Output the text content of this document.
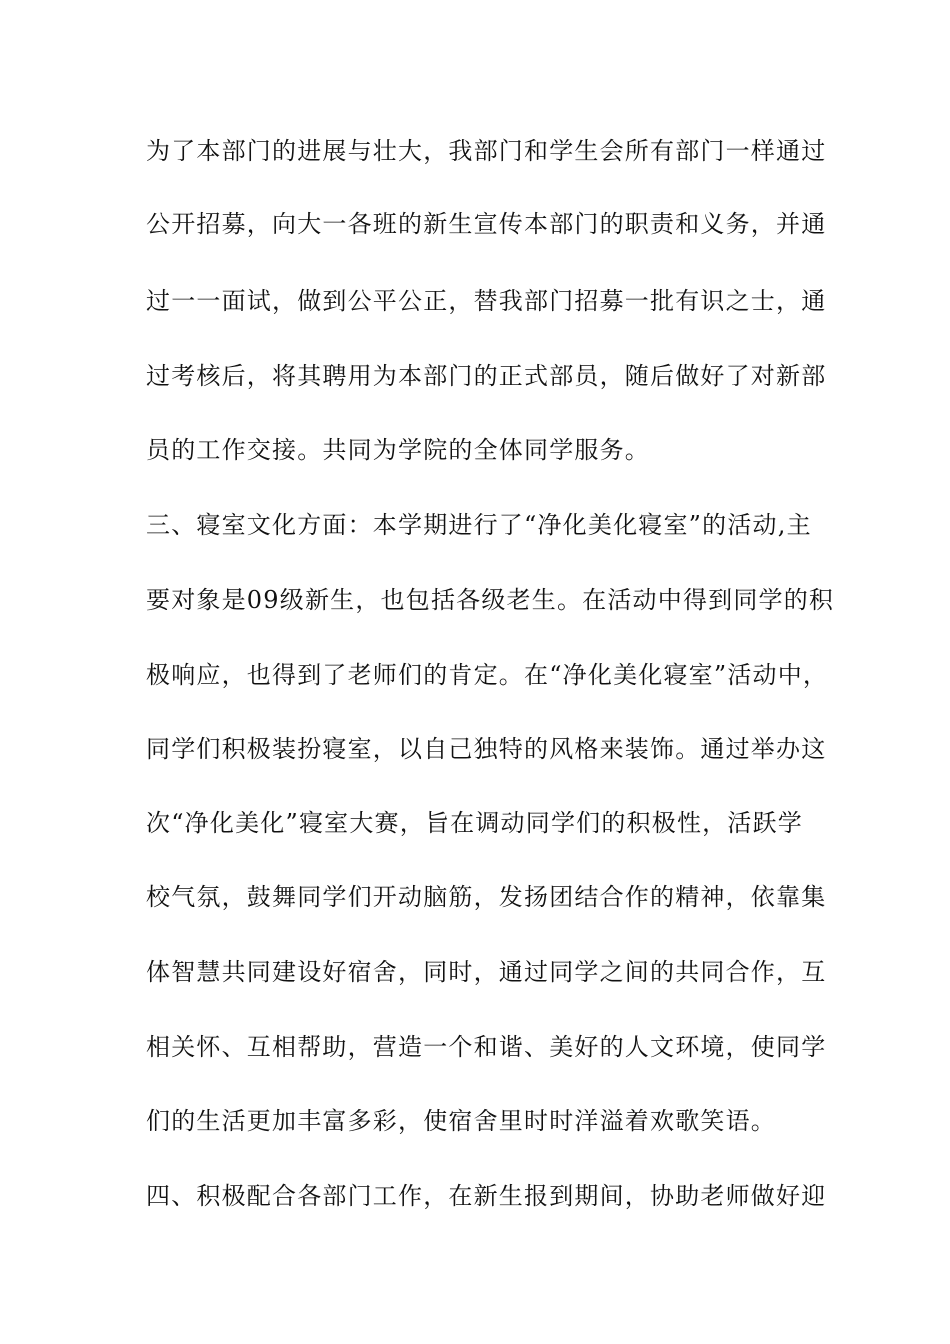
为了本部门的进展与壮大，我部门和学生会所有部门一样通过
公开招募，向大一各班的新生宣传本部门的职责和义务，并通
过一一面试，做到公平公正，替我部门招募一批有识之士，通
过考核后，将其聘用为本部门的正式部员，随后做好了对新部
员的工作交接。共同为学院的全体同学服务。
三、寝室文化方面：本学期进行了“净化美化寝室”的活动,主
要对象是09级新生，也包括各级老生。在活动中得到同学的积
极响应，也得到了老师们的肯定。在“净化美化寝室”活动中，
同学们积极装扮寝室，以自己独特的风格来装饰。通过举办这
次“净化美化”寝室大赛，旨在调动同学们的积极性，活跃学
校气氛，鼓舞同学们开动脑筋，发扬团结合作的精神，依靠集
体智慧共同建设好宿舍，同时，通过同学之间的共同合作，互
相关怀、互相帮助，营造一个和谐、美好的人文环境，使同学
们的生活更加丰富多彩，使宿舍里时时洋溢着欢歌笑语。
四、积极配合各部门工作，在新生报到期间，协助老师做好迎
